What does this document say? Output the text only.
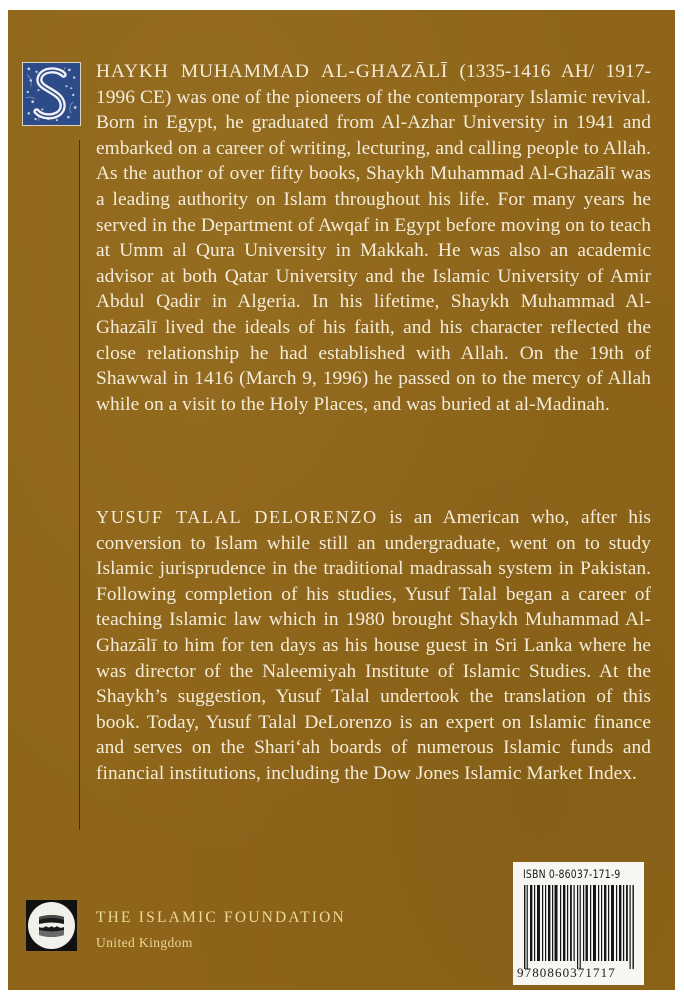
HAYKH MUHAMMAD AL-GHAZĀLĪ (1335-1416 AH/ 1917-1996 CE) was one of the pioneers of the contemporary Islamic revival. Born in Egypt, he graduated from Al-Azhar University in 1941 and embarked on a career of writing, lecturing, and calling people to Allah. As the author of over fifty books, Shaykh Muhammad Al-Ghazālī was a leading authority on Islam throughout his life. For many years he served in the Department of Awqaf in Egypt before moving on to teach at Umm al Qura University in Makkah. He was also an academic advisor at both Qatar University and the Islamic University of Amir Abdul Qadir in Algeria. In his lifetime, Shaykh Muhammad Al-Ghazālī lived the ideals of his faith, and his character reflected the close relationship he had established with Allah. On the 19th of Shawwal in 1416 (March 9, 1996) he passed on to the mercy of Allah while on a visit to the Holy Places, and was buried at al-Madinah.

YUSUF TALAL DELORENZO is an American who, after his conversion to Islam while still an undergraduate, went on to study Islamic jurisprudence in the traditional madrassah system in Pakistan. Following completion of his studies, Yusuf Talal began a career of teaching Islamic law which in 1980 brought Shaykh Muhammad Al-Ghazālī to him for ten days as his house guest in Sri Lanka where he was director of the Naleemiyah Institute of Islamic Studies. At the Shaykh’s suggestion, Yusuf Talal undertook the translation of this book. Today, Yusuf Talal DeLorenzo is an expert on Islamic finance and serves on the Shari‘ah boards of numerous Islamic funds and financial institutions, including the Dow Jones Islamic Market Index.

THE ISLAMIC FOUNDATION
United Kingdom
ISBN 0-86037-171-9
9780860371717
